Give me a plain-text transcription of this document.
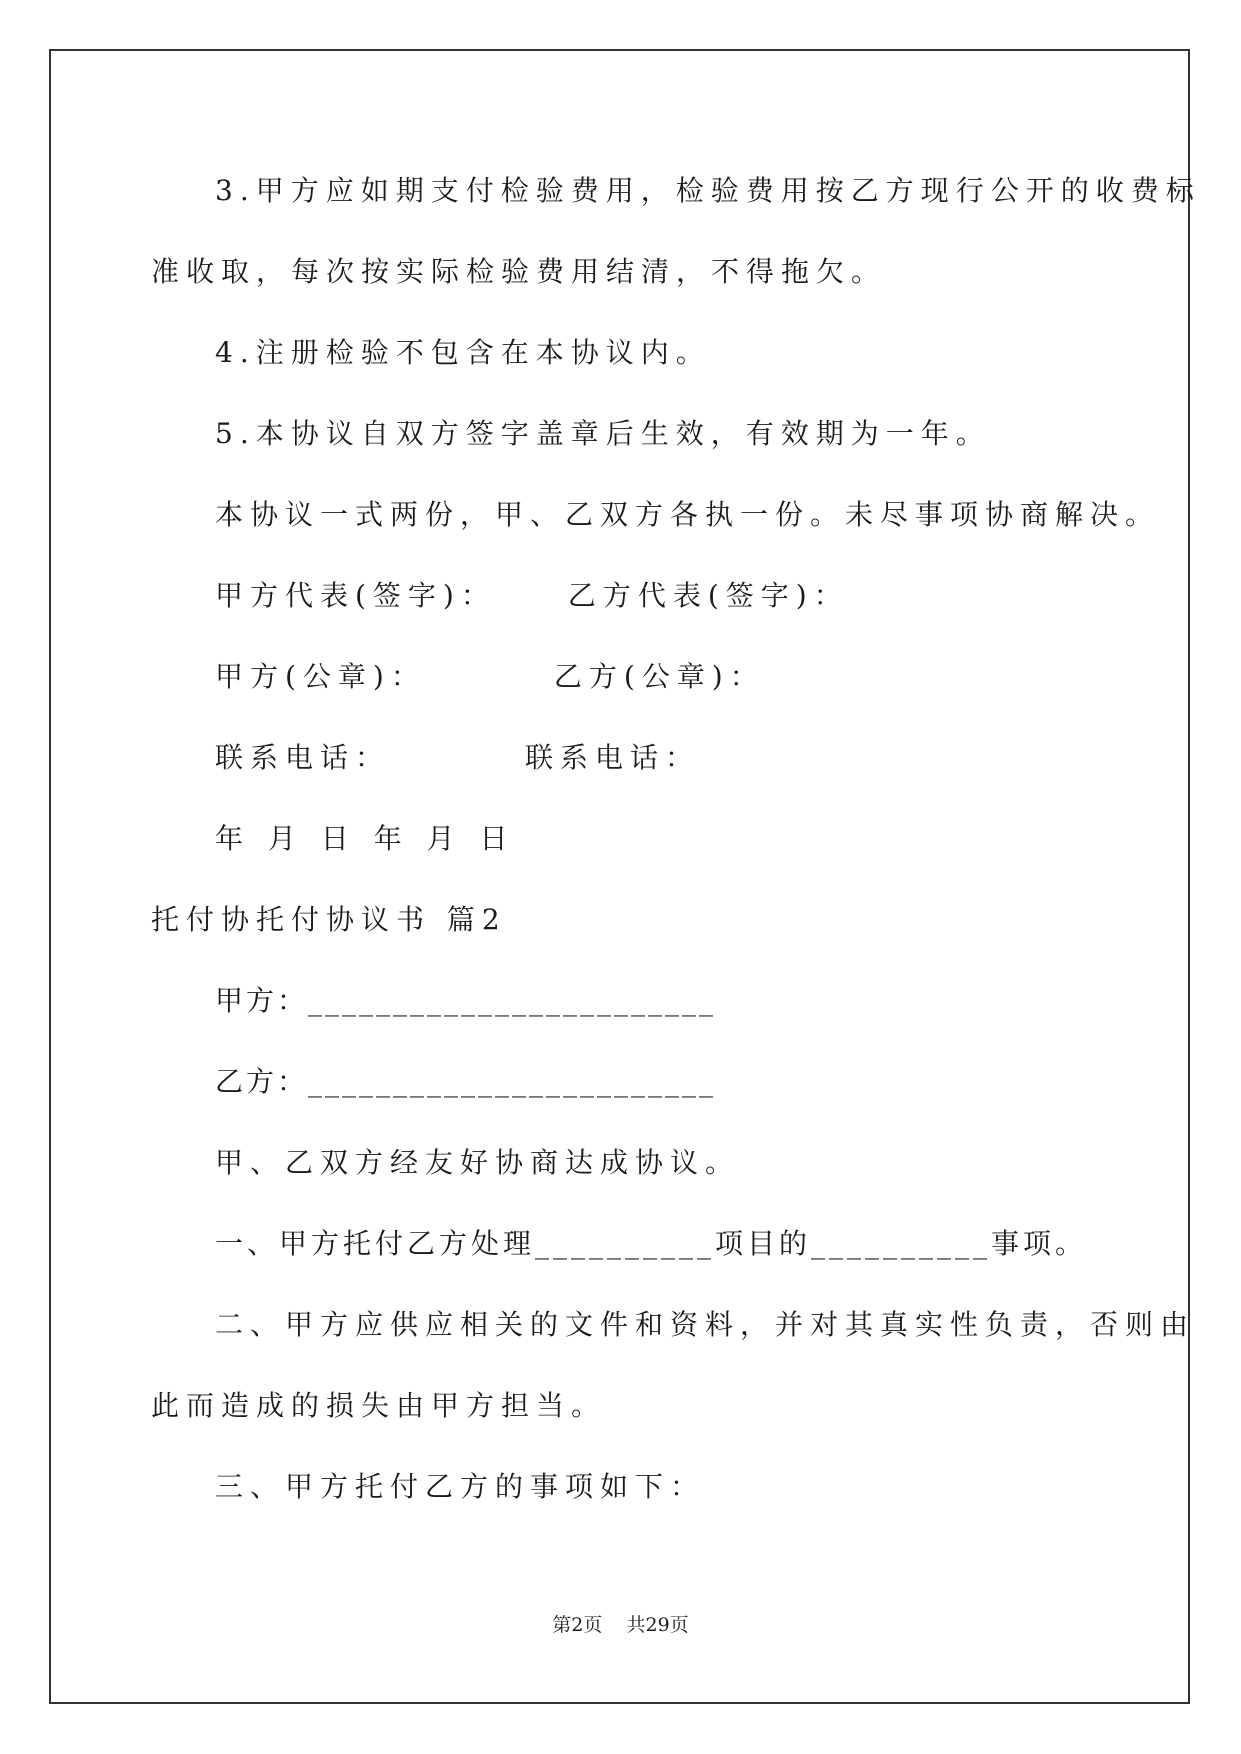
3.甲方应如期支付检验费用，检验费用按乙方现行公开的收费标
准收取，每次按实际检验费用结清，不得拖欠。
4.注册检验不包含在本协议内。
5.本协议自双方签字盖章后生效，有效期为一年。
本协议一式两份，甲、乙双方各执一份。未尽事项协商解决。
甲方代表(签字)：	乙方代表(签字)：
甲方(公章)：	乙方(公章)：
联系电话：	联系电话：
年 月 日 年 月 日
托付协托付协议书 篇2
甲方：________________________
乙方：________________________
甲、乙双方经友好协商达成协议。
一、甲方托付乙方处理__________项目的__________事项。
二、甲方应供应相关的文件和资料，并对其真实性负责，否则由
此而造成的损失由甲方担当。
三、甲方托付乙方的事项如下：
第2页    共29页
